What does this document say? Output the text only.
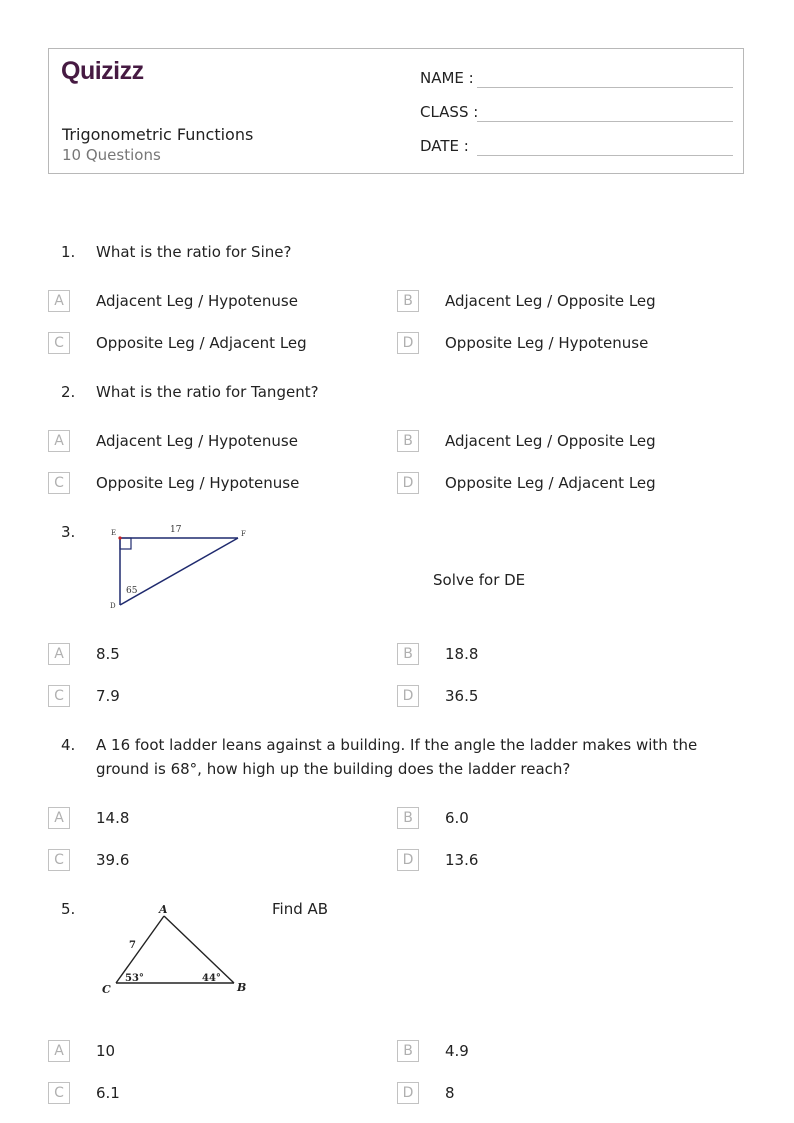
Quizizz
Trigonometric Functions
10 Questions
NAME :
CLASS :
DATE :
1. What is the ratio for Sine?
A	Adjacent Leg / Hypotenuse	B	Adjacent Leg / Opposite Leg
C	Opposite Leg / Adjacent Leg	D	Opposite Leg / Hypotenuse
2. What is the ratio for Tangent?
A	Adjacent Leg / Hypotenuse	B	Adjacent Leg / Opposite Leg
C	Opposite Leg / Hypotenuse	D	Opposite Leg / Adjacent Leg
3.	E	F
D
17
65
Solve for DE
A	8.5	B	18.8
C	7.9	D	36.5
4. A 16 foot ladder leans against a building. If the angle the ladder makes with the ground is 68°, how high up the building does the ladder reach?
A	14.8	B	6.0
C	39.6	D	13.6
5.	A
C	B
7
53°	44°
Find AB
A	10	B	4.9
C	6.1	D	8
